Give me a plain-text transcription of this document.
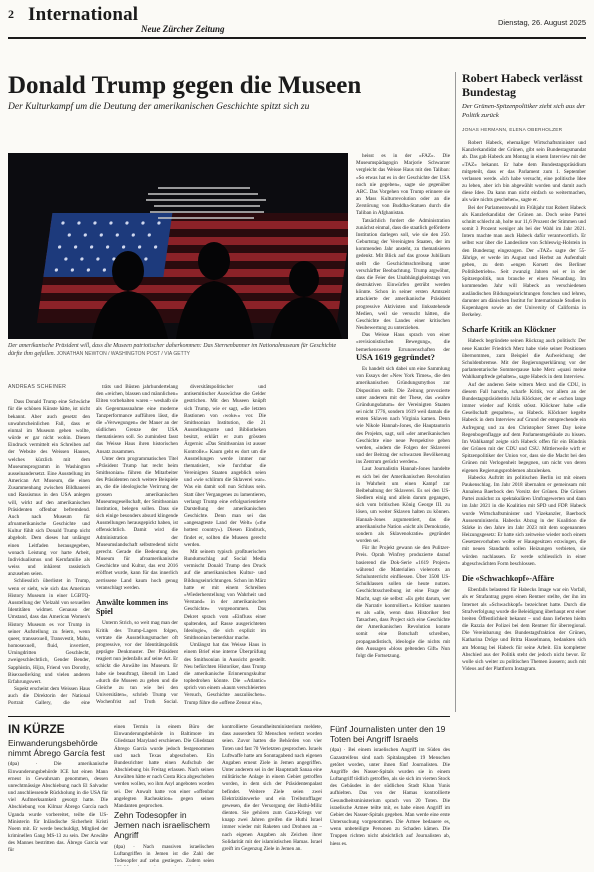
2 International
Neue Zürcher Zeitung
Dienstag, 26. August 2025
Donald Trump gegen die Museen
Der Kulturkampf um die Deutung der amerikanischen Geschichte spitzt sich zu
Der amerikanische Präsident will, dass die Museen patriotischer daherkommen: Das Sternenbanner im Nationalmuseum für Geschichte dürfte ihm gefallen. JONATHAN NEWTON / WASHINGTON POST / VIA GETTY
ANDREAS SCHEINER

Dass Donald Trump eine Schwäche für die schönen Künste hätte, ist nicht bekannt. Aber auch gesetzt den unwahrscheinlichen Fall, dass er einmal im Museum gehen wollte, würde er gar nicht wohin. Diesen Eindruck vermittelt ein Schreiben auf der Website des Weissen Hauses, welches kürzlich mit dem Museumsprogramm in Washington ausseinandersetzt. Eine Ausstellung im American Art Museum, die einen Zusammenhang zwischen Bildhauerei und Rassismus in den USA anlegen will, wirkt auf den amerikanischen Präsidenten offenbar befremdend. Auch nach Museum für afroamerikanische Geschichte und Kultur fühlt sich Donald Trump nicht abgeholt. Dem dieses hat unlängst einen Leitfaden herausgegeben, wonach Leistung vor harte Arbeit, Individualismus und Kernfamilie als weiss und inhärent rassistisch anzusehen seien.

Schliesslich überlistet in Trump, wenn er sieht, wie sich das American History Museum in einer LGBTQ-Ausstellung der Vielzahl von sexuellen Identitäten widmet. Genauso der Umstand, dass das American Women's History Museum es vor Trump in seiner Aufstellung zu feiern, wenn queer, transsexuell, Transvestit, Mahu, homosexuell, fluid, invertiert, Urningdritten Geschlecht, zweigeschlechtlich, Gender Bender, Sapphistin, Hijra, Friend von Dorothy, Bisexuelle/king und vielen anderen Erfahrungswert.

Supekt erscheint dem Weissen Haus auch die Direktorin der National Portrait Gallery, die eine

träts und Büsten jahrhundertelang den «reichen, blassen und männlichen» Eliten vorbehalten waren – weshalb sie als Gegenmassnahme eine moderne Tanzperformance aufführen lässt, die die «Verwegungen» der Mauer an der südlichen Grenze der USA thematisieren soll. So zumindest fasst das Weisse Haus ihren historischen Ansatz zusammen.

Unter dem programmatischen Titel «Präsident Trump hat recht beim Smithsonian» führen die Mitarbeiter des Präsidenten noch weitere Beispiele an, die die ideologische Verirrung der grossen amerikanischen Museumsgesellschaft, der Smithsonian Institution, belegen sollen. Dass sie sich einige besonders absurd klingende Ausstellungen herausgepickt haben, ist offensichtlich. Damit wird die Administration der Museumslandschaft selbstredend nicht gerecht. Gerade die Bedeutung des Museum für afroamerikanische Geschichte und Kultur, das erst 2016 eröffnet wurde, kann für das innerlich zerrissene Land kaum hoch genug veranschlagt werden.

Anwälte kommen ins Spiel

Unterm Strich, so weit mag man der Kritik des Trump-Lagers folgen, vertrate die Ausstellungsmacher oft progressive, vor der Identitätspolitik geprägte Denkmuster. Der Präsident reagiert nun jedenfalls auf seine Art. Er schickt die Anwälte ins Museum. Er habe sie beauftragt, überall im Land «durch die Museen zu gehen und die Gleiche zu tun wie bei den Universitäten», schrieb Trump vor Wochenfrist auf Truth Social.

diversitätspolitischer und antisemitischer Auswüchse die Gelder gestrichen. Mit den Museen knüpft sich Trump, wie er sagt, «die letzten Bastionen von ‹woke›» vor. Die Smithsonian Institution, die 21 Ausstellungsorte und Bibliotheken besitzt, erklärt er zum grössten Ärgernis: «Das Smithsonian ist ausser Kontrolle.» Kaum geht es dort um die Ausstellungen werde immer nur thematisiert, wie furchtbar die Vereinigten Staaten angeblich seien und «wie schlimm die Sklaverei war». Was ein damit soll nun Schluss sein. Statt über Vergangenes zu lamentieren, verlangt Trump eine erfolgsorientierte Darstellung der amerikanischen Geschichte. Denn man sei das «angesagteste Land der Welt» («the hottest country»). Diesen Eindruck, findet er, sollten die Museen gerecht werden.

Mit seinem typisch großtuerischen Rundumschlag auf Social Media vermischt Donald Trump den Druck auf die amerikanischen Kultur- und Bildungseinrichtungen. Schon im März hatte er mit einem Schreiben «Wiederherstellung von Wahrheit und Verstand» in der amerikanischen Geschichte» vorgenommen. Das Dekret sprach vom «Einfluss einer spaltenden, auf Rasse ausgerichteten Ideologie», die sich explizit im Smithsonian bemerkbar mache.

Umlängst hat das Weisse Haus in einem Brief eine interne Überprüfung des Smithsonian in Aussicht gestellt. Neu befürchten Historiker, dass Trump die amerikanische Erinnerungskultur topbedrohen könnte. Die «Atlantic» sprich von einem «kaum verschleierten Versuch, Geschichte auszulöschen». Trump führe die «offene Zensur ein»,

heisst es in der «FAZ». Die Museumspädagogin Marjorie Schwarzer vergleicht das Weisse Haus mit den Taliban: «So etwas hat es in der Geschichte der USA noch nie gegeben», sagte sie gegenüber ABC. Das Vorgehen von Trump erinnere sie an Mass Kulturrevolution oder an die Zerstörung von Buddha-Statuen durch die Taliban in Afghanistan.

Tatsächlich fordert die Administration zunächst einmal, dass die staatlich geförderte Institution darlegen soll, wie sie den 250. Geburtstag der Vereinigten Staaten, der im kommenden Jahr ansteht, zu thematisieren gedenkt. Mit Blick auf das grosse Jubiläum stellt die Geschichtsschreibung unter verschärfter Beobachtung. Trump argwöhnt, dass die Feier des Unabhängigkeitstags von destruktiven Einwürfen getrübt werden könnte. Schon in seiner ersten Amtszeit attackierte der amerikanische Präsident progressive Aktivisten und linksstehende Medien, weil sie versucht hätten, die Geschichte des Landes einer kritischen Neubewertung zu unterziehen.

Das Weisse Haus sprach von einer «revisionistischen Bewegung», die bemerkenswerte Errungenschaften der

USA 1619 gegründet?

Es handelt sich dabei um eine Sammlung von Essays der «New York Times», die den amerikanischen Gründungsmythos zur Disposition stellt. Die Zeitung provozierte unter anderem mit der These, das «wahre Gründungsdatum» der Vereinigten Staaten sei nicht 1776, sondern 1619 weil damals die ersten Sklaven nach Virginia kamen. Denn wie Nikole Hannah-Jones, die Hauptautorin des Projekts, sagt, soll «der amerikanischen Geschichte eine neue Perspektive geben werden, «indem die Folgen der Sklaverei und der Beitrag der schwarzen Bevölkerung ins Zentrum gerückt werden».

Laut Journalistin Hannah-Jones handelte es sich bei der Amerikanischen Revolution in Wahrheit um einen Kampf zur Beibehaltung der Sklaverei. Es sei den US-Siedlern einig und allein darum gegangen, sich vom britischen König George III. zu lösen, um weiter Sklaven halten zu können. Hannah-Jones argumentiert, das die amerikanische Nation «nicht als Demokratie, sondern als Sklavenokratie» gegründet worden sei.

Für ihr Projekt gewann sie den Pulitzer-Preis. Oprah Winfrey produzierte darauf basierend die Dok-Serie «1619 Project» während die Materialien vielerorts an Schulunterricht einfliessen. Über 3500 US-Schulklassen sollen sie heute nutzen. Geschichtsschreibung ist eine Frage der Macht, sagt sie selbst: «Es geht darum, wer die Narrativ kontrolliert.» Kritiker nannten es als «alle, wenn dass Historiker fest Tatsachen, dass Project sich eine Geschichte der Amerikanischen Revolution konnte somit eine Botschaft schreiben, propagandistisch, ideologie die nichts mit den Aussagen «bloss geltenden Gift» Nun folgt die Fortsetzung.

Robert Habeck verlässt Bundestag
Der Grünen-Spitzenpolitiker zieht sich aus der Politik zurück
JONAS HERMANN, ELENA OBERHOLZER

Robert Habeck, ehemaliger Wirtschaftsminister und Kanzlerkandidat der Grünen, gibt sein Bundestagsmandat ab. Das gab Habeck am Montag in einem Interview mit der «TAZ» bekannt. Er habe dem Bundestagspräsidium mitgeteilt, dass er das Parlament zum 1. September verlassen werde. «Ich habe versucht, eine politische Idee zu leben, aber ich bin abgewählt worden und damit auch diese Idee. Da kann man nicht einfach so weitermachen, als wäre nichts geschehen», sagte er.

Bei der Parlamentswahl im Frühjahr trat Robert Habeck als Kanzlerkandidat der Grünen an. Doch seine Partei schnitt schlecht ab, holte nur 11,6 Prozent der Stimmen und somit 3 Prozent weniger als bei der Wahl im Jahr 2021. Intern machte man auch Habeck dafür verantwortlich. Er selbst war über die Landesliste von Schleswig-Holstein in den Bundestag eingezogen. Der «TAZ» sagte der 55-Jährige, er werde im August und Herbst an Aufenthalt geben, zu dem «engen Korsett des Berliner Politikbetriebs». Seit zwanzig Jahren sei er in der Spitzenpolitik, nun brauche er einen Neuanfang. Im kommenden Jahr will Habeck an verschiedenen ausländischen Bildungseinrichtungen forschen und lehren, darunter am dänischen Institut for Internationale Studien in Kopenhagen sowie an der University of California in Berkeley.

Scharfe Kritik an Klöckner

Habeck begründete seinen Rückzug auch politisch: Der neue Kanzler Friedrich Merz habe viele seiner Positionen übernommen, zum Beispiel die Aufweichung der Schuldenbremse. Mit der Regierungserklärung vor der parlamentarische Sommerpause habe Merz «quasi meine Wahlkampfrede gehalten», sagte Habeck in dem Interview.

Auf der anderen Seite wittern Merz und die CDU, in diesem Fall harsche, scharfe Kritik, vor allem an der Bundestagspräsidentin Julia Klöckner, der er «schon lange immer wieder auf Kritik stösst. Klöckner habe «die Gesellschaft gespalten», so Habeck. Klöckner kegelte Habeck in dem Interview auf Grund der entsprechende ein Aufregung und zu den Christopher Street Day keine Regenbogenflagge auf dem Parlamentsgebäude zu hissen. Im Wahlkampf zeigte sich Habeck offen für ein Bündnis der Grünen mit der CDU und CSU. Mittlerweile wirft er Spitzenpolitiker der Union vor, dass sie die Macht bei den Grünen mit Verlogenheit begegnen, um nicht von deren eigenen Regierungsproblemen abzulenken.

Habecks Auftritt im politischen Berlin ist mit einem Paukenschlag. Im Jahr 2018 übernahm er gemeinsam mit Annalena Baerbock den Vorsitz der Grünen. Die Grünen Partei zunächst zu spektakulären Umfragewerten und dann im Jahr 2021 in die Koalition mit SPD und FDP. Habeck wurde Wirtschaftsminister und Vizekanzler, Baerbock Aussenministerin. Habecks Abzug in der Koalition die Stärke in den Jahre im Jahr 2023 mit dem sogenannten Heizungsgesetz: Er hatte sich zeitweise wieder noch einem Gesetzesvorhaben wollte er Hausgesitzen erzwingen, die mit neuen Standards sollen Heizungen verbieten, sie würden nachlassen. Er werde schliesslich in einer abgeschwächten Form beschlossen.

Die «Schwachkopf»-Affäre

Ebenfalls belastend für Habecks Image war ein Vorfall, als er Strafantrag gegen einen Rentner stellte, der ihn im Internet als «Schwachkopf» bezeichnet hatte. Durch die Strafverfolgung wurde die Beleidigung überhaupt erst einer breiten Öffentlichkeit bekannt – und dann lieferten hieltn die Razzia der Polizei bei dem Rentner für überregional. Die Vereinbarung des Bundestagsfraktion der Grünen, Katharina Dröge und Britta Hasselmann, bedankten sich am Montag bei Habeck für seine Arbeit. Ein kompletter Abschied aus der Politik steht der jedoch nicht bevor. Er wolle sich weiter zu politischen Themen äussern; auch mit Videos auf der Plattform Instagram.

IN KÜRZE
Einwanderungsbehörde nimmt Ábrego García fest

(dpa) · Die amerikanische Einwanderungsbehörde ICE hat einen Mann erneut in Gewahrsam genommen, dessen unrechtmässige Abschiebung nach El Salvador und anschliessende Rückholung in die USA für viel Aufmerksamkeit gesorgt hatte. Die Abschiebung von Kilmar Ábrego García nach Uganda wurde vorbereitet, teilte die US-Ministerin für Inländische Sicherheit Kristi Noem mit. Er werde beschuldigt, Mitglied der kriminellen Gang MS-13 zu sein. Der Anwälte des Mannes bestritten das. Ábrego García war für

einen Termin in einem Büro der Einwanderungsbehörde in Baltimore im Gliedstaat Maryland erschienen. Die Gliedstaat Ábrego García wurde jedoch festgenommen und nach Texas abgeschoben. Ein Bundesrichter hatte einen Aufschub der Abschiebung bis Freitag erlassen. Nach seinen Anwälten hätte er nach Costa Rica abgeschoben werden wollen, wo ihm Asyl angeboten worden sei. Der Anwalt hatte von einer «offenbar angelegten Racheaktion» gegen seinen Mandanten gesprochen.

Zehn Todesopfer in Jemen nach israelischem Angriff

(dpa) · Nach massiven israelischen Luftangriffen in Jemen ist die Zahl der Todesopfer auf zehn gestiegen. Zudem seien

kontrollierte Gesundheitsministerium meldete, dass ausserdem 92 Menschen verletzt worden seien. Zuvor hatten die Behörden von vier Toten und fast 70 Verletzten gesprochen. Israels Luftwaffe hatte am Sonntagabend nach eigenen Angaben erneut Ziele in Jemen angegriffen. Unter anderem sei in der Hauptstadt Sanaa eine militärische Anlage in einem Gebiet getroffen worden, in dem sich der Präsidentenpalast befindet. Weitere Ziele seien zwei Elektrizitätswerke und ein Treibstofflager gewesen, die der Versorgung der Huthi-Miliz dienten. Sie gehören zum Gaza-Kriegs vor knapp zwei Jahren greifen die Huthi Israel immer wieder mit Raketen und Drohnen an – nach eigenen Angaben als Zeichen ihrer Solidarität mit der islamistischen Hamas. Israel greift im Gegenzug Ziele in Jemen an.

Fünf Journalisten unter den 19 Toten bei Angriff Israels

(dpa) · Bei einem israelischen Angriff im Süden des Gazastreifens sind nach Spitalangaben 19 Menschen getötet worden, unter ihnen fünf Journalisten. Die Angriffe des Nasser-Spitals wurden sie in einem Luftangriff tödlich getroffen, als sie sich im vierten Stock des Gebäudes in der südlichen Stadt Khan Yunis aufhielten. Das von der Hamas kontrollierte Gesundheitsministerium sprach von 20 Toten. Die israelische Armee teilte mit, es habe einen Angriff im Gebiet des Nasser-Spitals gegeben. Man werde eine erste Untersuchung vorgenommen. Die Armee bedauere es, wenn unbeteiligte Personen zu Schaden kämen. Die Truppen richten nicht absichtlich auf Journalisten ab, hiess es.
